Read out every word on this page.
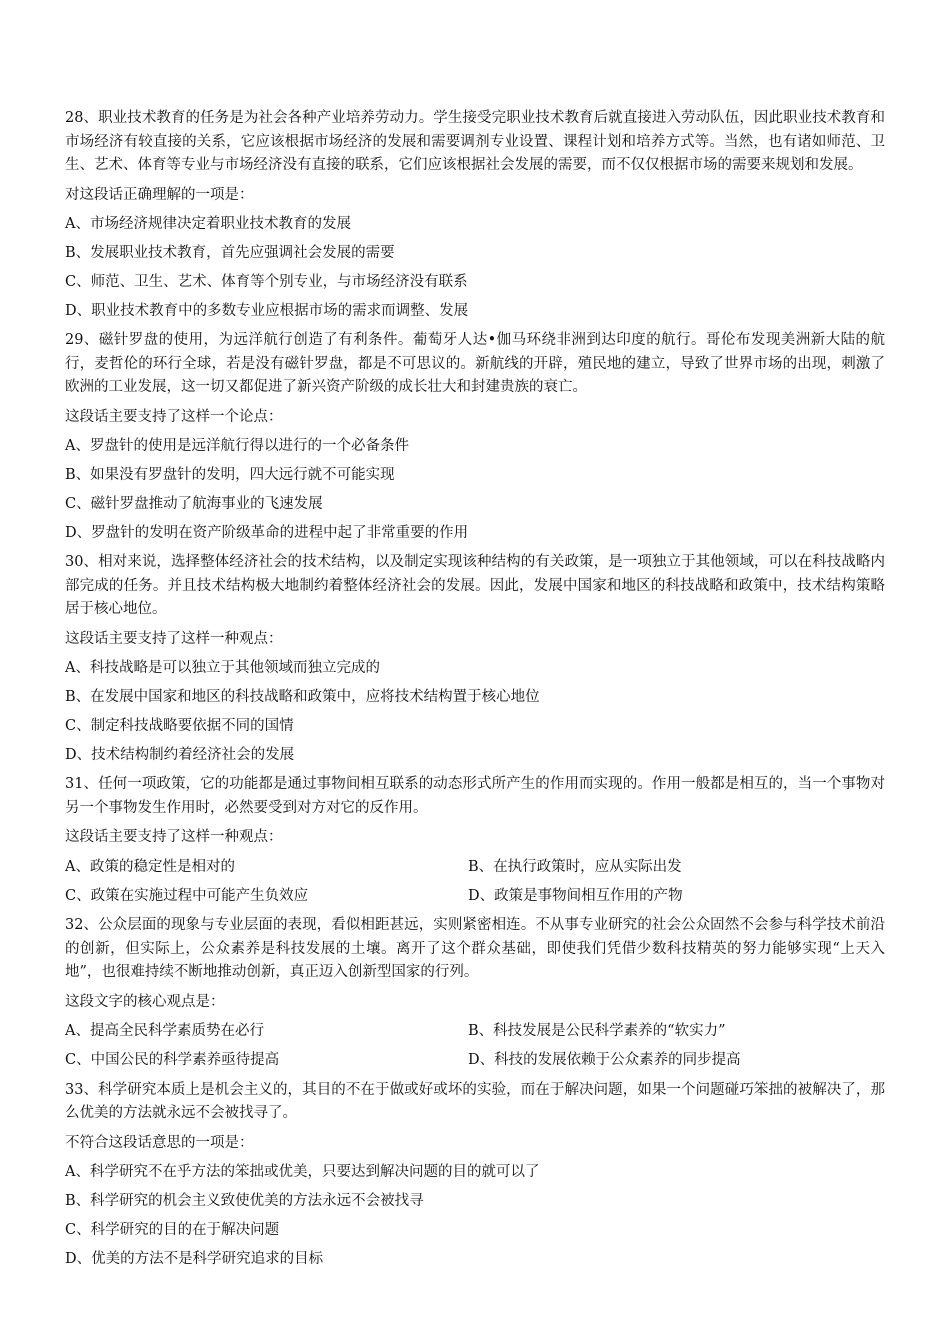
28、职业技术教育的任务是为社会各种产业培养劳动力。学生接受完职业技术教育后就直接进入劳动队伍，因此职业技术教育和市场经济有较直接的关系，它应该根据市场经济的发展和需要调剂专业设置、课程计划和培养方式等。当然，也有诸如师范、卫生、艺术、体育等专业与市场经济没有直接的联系，它们应该根据社会发展的需要，而不仅仅根据市场的需要来规划和发展。

对这段话正确理解的一项是：

A、市场经济规律决定着职业技术教育的发展
B、发展职业技术教育，首先应强调社会发展的需要
C、师范、卫生、艺术、体育等个别专业，与市场经济没有联系
D、职业技术教育中的多数专业应根据市场的需求而调整、发展

29、磁针罗盘的使用，为远洋航行创造了有利条件。葡萄牙人达•伽马环绕非洲到达印度的航行。哥伦布发现美洲新大陆的航行，麦哲伦的环行全球，若是没有磁针罗盘，都是不可思议的。新航线的开辟，殖民地的建立，导致了世界市场的出现，刺激了欧洲的工业发展，这一切又都促进了新兴资产阶级的成长壮大和封建贵族的衰亡。

这段话主要支持了这样一个论点：

A、罗盘针的使用是远洋航行得以进行的一个必备条件
B、如果没有罗盘针的发明，四大远行就不可能实现
C、磁针罗盘推动了航海事业的飞速发展
D、罗盘针的发明在资产阶级革命的进程中起了非常重要的作用

30、相对来说，选择整体经济社会的技术结构，以及制定实现该种结构的有关政策，是一项独立于其他领域，可以在科技战略内部完成的任务。并且技术结构极大地制约着整体经济社会的发展。因此，发展中国家和地区的科技战略和政策中，技术结构策略居于核心地位。

这段话主要支持了这样一种观点：

A、科技战略是可以独立于其他领域而独立完成的
B、在发展中国家和地区的科技战略和政策中，应将技术结构置于核心地位
C、制定科技战略要依据不同的国情
D、技术结构制约着经济社会的发展

31、任何一项政策，它的功能都是通过事物间相互联系的动态形式所产生的作用而实现的。作用一般都是相互的，当一个事物对另一个事物发生作用时，必然要受到对方对它的反作用。

这段话主要支持了这样一种观点：

A、政策的稳定性是相对的	B、在执行政策时，应从实际出发
C、政策在实施过程中可能产生负效应	D、政策是事物间相互作用的产物

32、公众层面的现象与专业层面的表现，看似相距甚远，实则紧密相连。不从事专业研究的社会公众固然不会参与科学技术前沿的创新，但实际上，公众素养是科技发展的土壤。离开了这个群众基础，即使我们凭借少数科技精英的努力能够实现“上天入地”，也很难持续不断地推动创新，真正迈入创新型国家的行列。

这段文字的核心观点是：

A、提高全民科学素质势在必行	B、科技发展是公民科学素养的“软实力”
C、中国公民的科学素养亟待提高	D、科技的发展依赖于公众素养的同步提高

33、科学研究本质上是机会主义的，其目的不在于做或好或坏的实验，而在于解决问题，如果一个问题碰巧笨拙的被解决了，那么优美的方法就永远不会被找寻了。

不符合这段话意思的一项是：

A、科学研究不在乎方法的笨拙或优美，只要达到解决问题的目的就可以了
B、科学研究的机会主义致使优美的方法永远不会被找寻
C、科学研究的目的在于解决问题
D、优美的方法不是科学研究追求的目标
